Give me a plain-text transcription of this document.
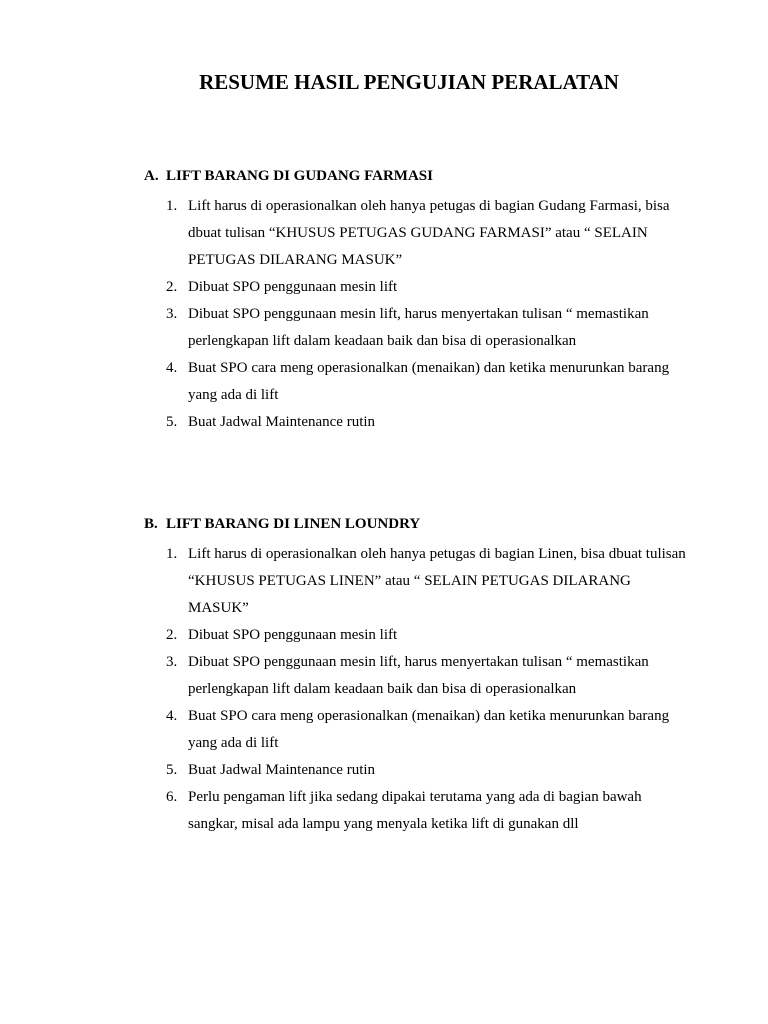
RESUME HASIL PENGUJIAN PERALATAN
A. LIFT BARANG DI GUDANG FARMASI
1. Lift harus di operasionalkan oleh hanya petugas di bagian Gudang Farmasi, bisa
dbuat tulisan “KHUSUS PETUGAS GUDANG FARMASI” atau “ SELAIN
PETUGAS DILARANG MASUK”
2. Dibuat SPO penggunaan mesin lift
3. Dibuat SPO penggunaan mesin lift, harus menyertakan tulisan “ memastikan
perlengkapan lift dalam keadaan baik dan bisa di operasionalkan
4. Buat SPO cara meng operasionalkan (menaikan) dan ketika menurunkan barang
yang ada di lift
5. Buat Jadwal Maintenance rutin
B. LIFT BARANG DI LINEN LOUNDRY
1. Lift harus di operasionalkan oleh hanya petugas di bagian Linen, bisa dbuat tulisan
“KHUSUS PETUGAS LINEN” atau “ SELAIN PETUGAS DILARANG
MASUK”
2. Dibuat SPO penggunaan mesin lift
3. Dibuat SPO penggunaan mesin lift, harus menyertakan tulisan “ memastikan
perlengkapan lift dalam keadaan baik dan bisa di operasionalkan
4. Buat SPO cara meng operasionalkan (menaikan) dan ketika menurunkan barang
yang ada di lift
5. Buat Jadwal Maintenance rutin
6. Perlu pengaman lift jika sedang dipakai terutama yang ada di bagian bawah
sangkar, misal ada lampu yang menyala ketika lift di gunakan dll
